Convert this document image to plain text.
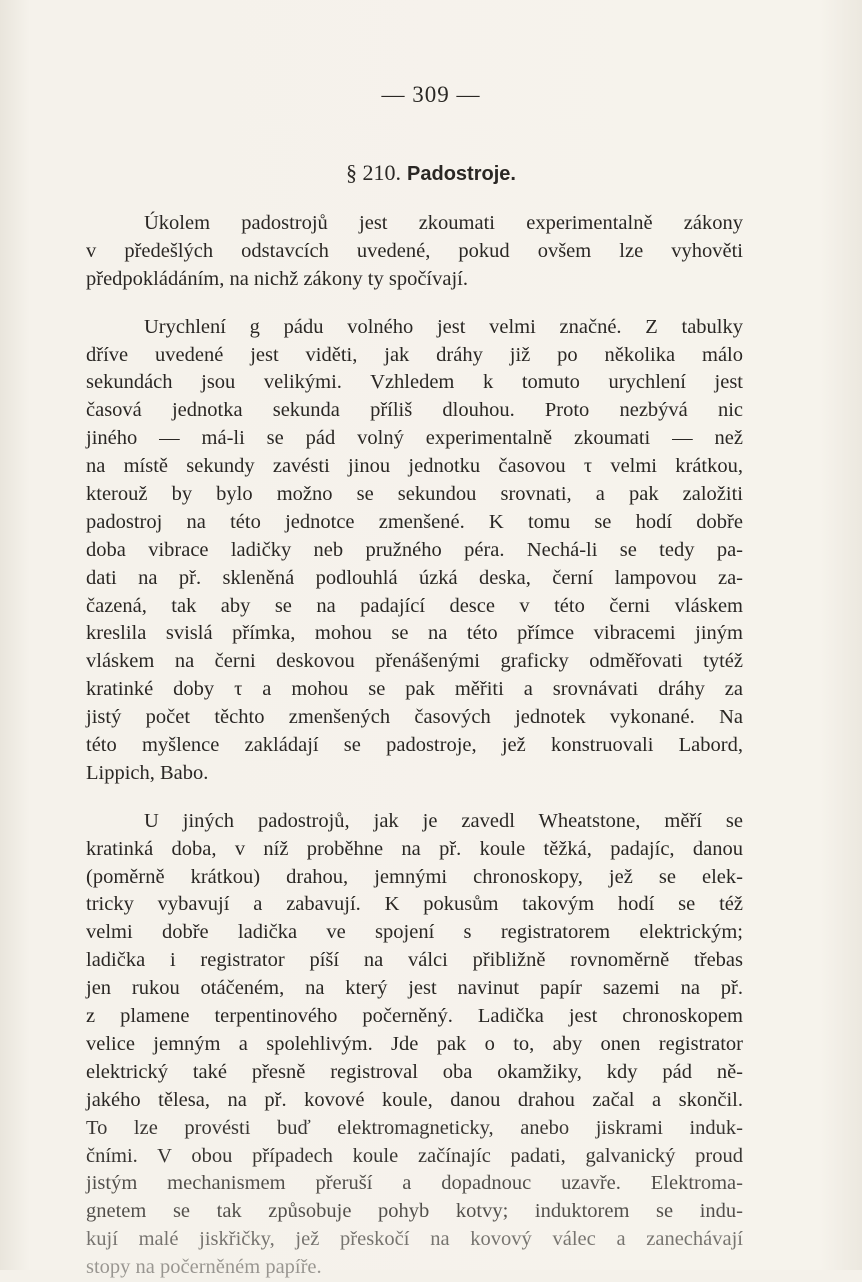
— 309 —
§ 210. Padostroje.
Úkolem padostrojů jest zkoumati experimentalně zákony
v předešlých odstavcích uvedené, pokud ovšem lze vyhověti
předpokládáním, na nichž zákony ty spočívají.
Urychlení g pádu volného jest velmi značné. Z tabulky
dříve uvedené jest viděti, jak dráhy již po několika málo
sekundách jsou velikými. Vzhledem k tomuto urychlení jest
časová jednotka sekunda příliš dlouhou. Proto nezbývá nic
jiného — má-li se pád volný experimentalně zkoumati — než
na místě sekundy zavésti jinou jednotku časovou τ velmi krátkou,
kterouž by bylo možno se sekundou srovnati, a pak založiti
padostroj na této jednotce zmenšené. K tomu se hodí dobře
doba vibrace ladičky neb pružného péra. Nechá-li se tedy pa-
dati na př. skleněná podlouhlá úzká deska, černí lampovou za-
čazená, tak aby se na padající desce v této černi vláskem
kreslila svislá přímka, mohou se na této přímce vibracemi jiným
vláskem na černi deskovou přenášenými graficky odměřovati tytéž
kratinké doby τ a mohou se pak měřiti a srovnávati dráhy za
jistý počet těchto zmenšených časových jednotek vykonané. Na
této myšlence zakládají se padostroje, jež konstruovali Labord,
Lippich, Babo.
U jiných padostrojů, jak je zavedl Wheatstone, měří se
kratinká doba, v níž proběhne na př. koule těžká, padajíc, danou
(poměrně krátkou) drahou, jemnými chronoskopy, jež se elek-
tricky vybavují a zabavují. K pokusům takovým hodí se též
velmi dobře ladička ve spojení s registratorem elektrickým;
ladička i registrator píší na válci přibližně rovnoměrně třebas
jen rukou otáčeném, na který jest navinut papír sazemi na př.
z plamene terpentinového počerněný. Ladička jest chronoskopem
velice jemným a spolehlivým. Jde pak o to, aby onen registrator
elektrický také přesně registroval oba okamžiky, kdy pád ně-
jakého tělesa, na př. kovové koule, danou drahou začal a skončil.
To lze provésti buď elektromagneticky, anebo jiskrami induk-
čními. V obou případech koule začínajíc padati, galvanický proud
jistým mechanismem přeruší a dopadnouc uzavře. Elektroma-
gnetem se tak způsobuje pohyb kotvy; induktorem se indu-
kují malé jiskřičky, jež přeskočí na kovový válec a zanechávají
stopy na počerněném papíře.
